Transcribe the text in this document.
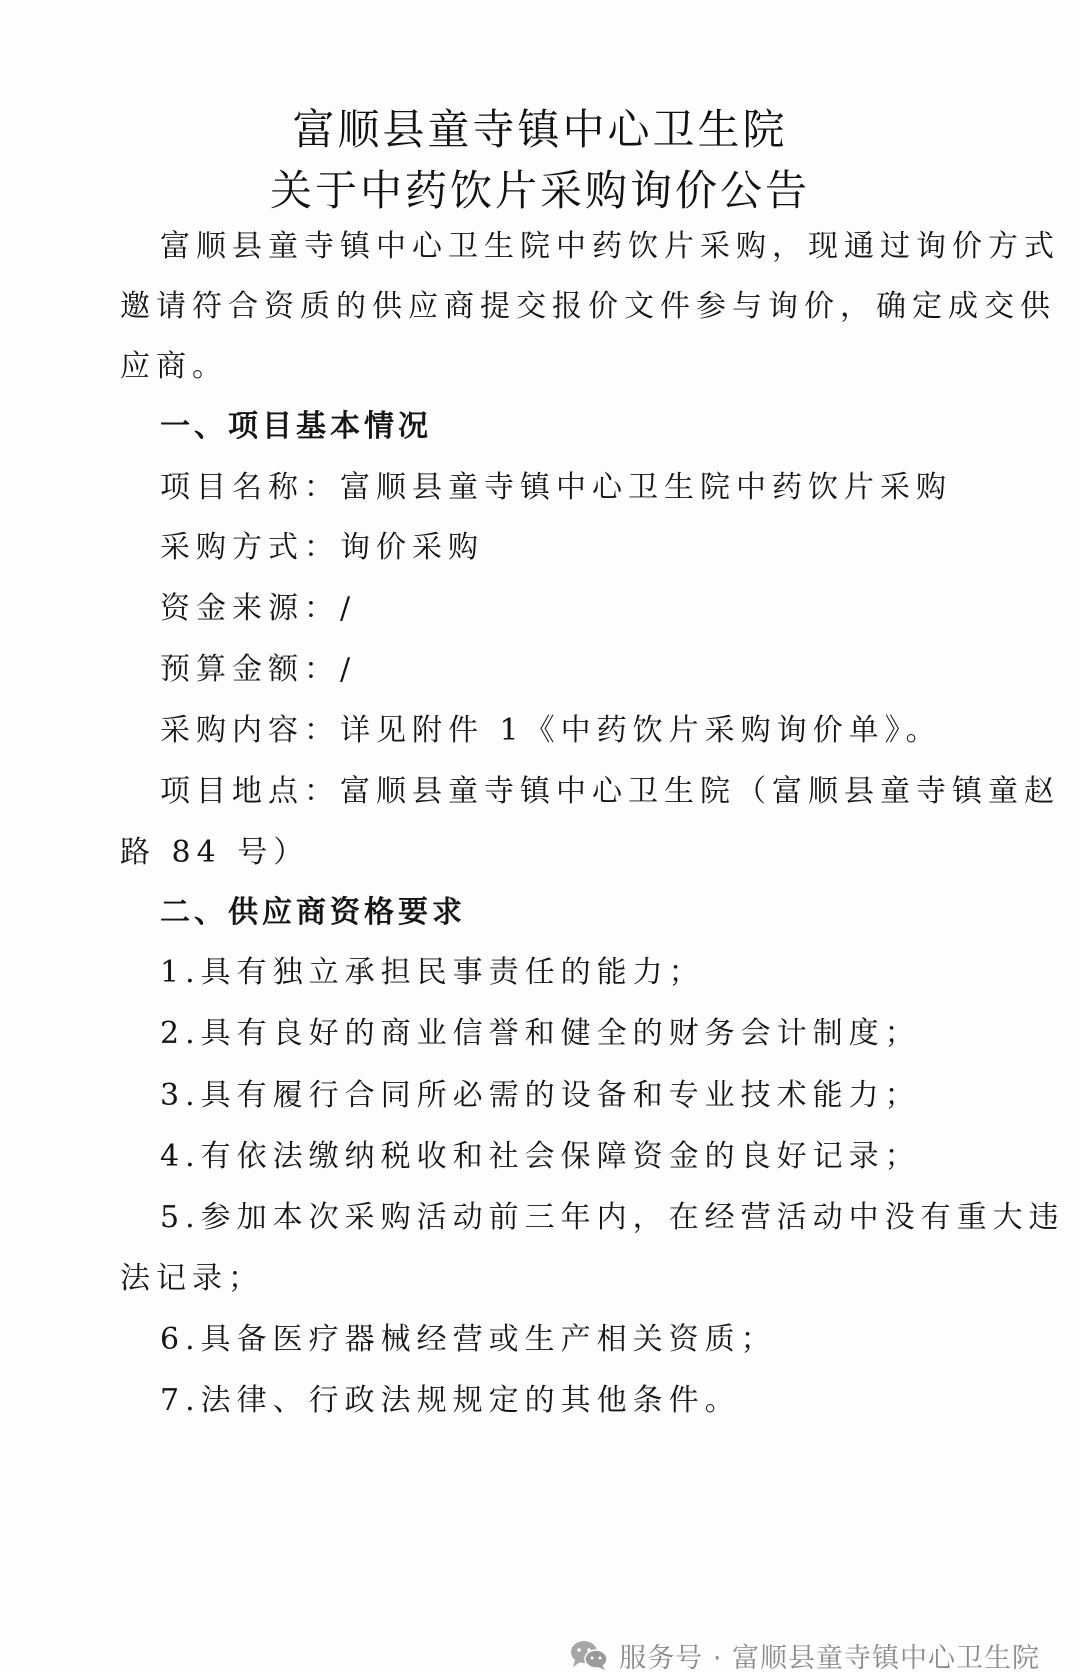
富顺县童寺镇中心卫生院
关于中药饮片采购询价公告
富顺县童寺镇中心卫生院中药饮片采购，现通过询价方式
邀请符合资质的供应商提交报价文件参与询价，确定成交供
应商。
一、项目基本情况
项目名称：富顺县童寺镇中心卫生院中药饮片采购
采购方式：询价采购
资金来源：/
预算金额：/
采购内容：详见附件 1《中药饮片采购询价单》。
项目地点：富顺县童寺镇中心卫生院（富顺县童寺镇童赵
路 84 号）
二、供应商资格要求
1.具有独立承担民事责任的能力；
2.具有良好的商业信誉和健全的财务会计制度；
3.具有履行合同所必需的设备和专业技术能力；
4.有依法缴纳税收和社会保障资金的良好记录；
5.参加本次采购活动前三年内，在经营活动中没有重大违
法记录；
6.具备医疗器械经营或生产相关资质；
7.法律、行政法规规定的其他条件。
服务号 · 富顺县童寺镇中心卫生院
